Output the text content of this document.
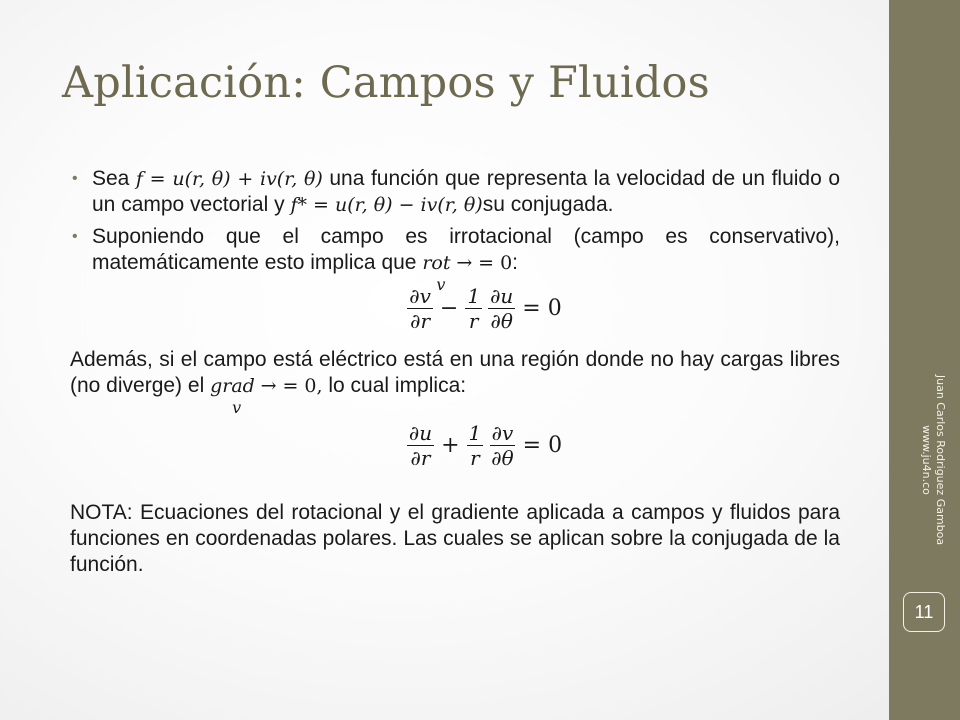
Juan Carlos Rodriguez Gamboa
www.ju4n.co
11
Aplicación: Campos y Fluidos
• Sea f = u(r, θ) + iv(r, θ) una función que representa la velocidad de un fluido o un campo vectorial y f* = u(r, θ) − iv(r, θ)su conjugada.
• Suponiendo que el campo es irrotacional (campo es conservativo), matemáticamente esto implica que rot →
v
= 0:
$\frac{\partial v}{\partial r} - \frac{1}{r} \frac{\partial u}{\partial\theta} = 0$

Además, si el campo está eléctrico está en una región donde no hay cargas libres (no diverge) el grad →
v
= 0, lo cual implica:

$\frac{\partial u}{\partial r} + \frac{1}{r} \frac{\partial v}{\partial\theta} = 0$

NOTA: Ecuaciones del rotacional y el gradiente aplicada a campos y fluidos para funciones en coordenadas polares. Las cuales se aplican sobre la conjugada de la función.
